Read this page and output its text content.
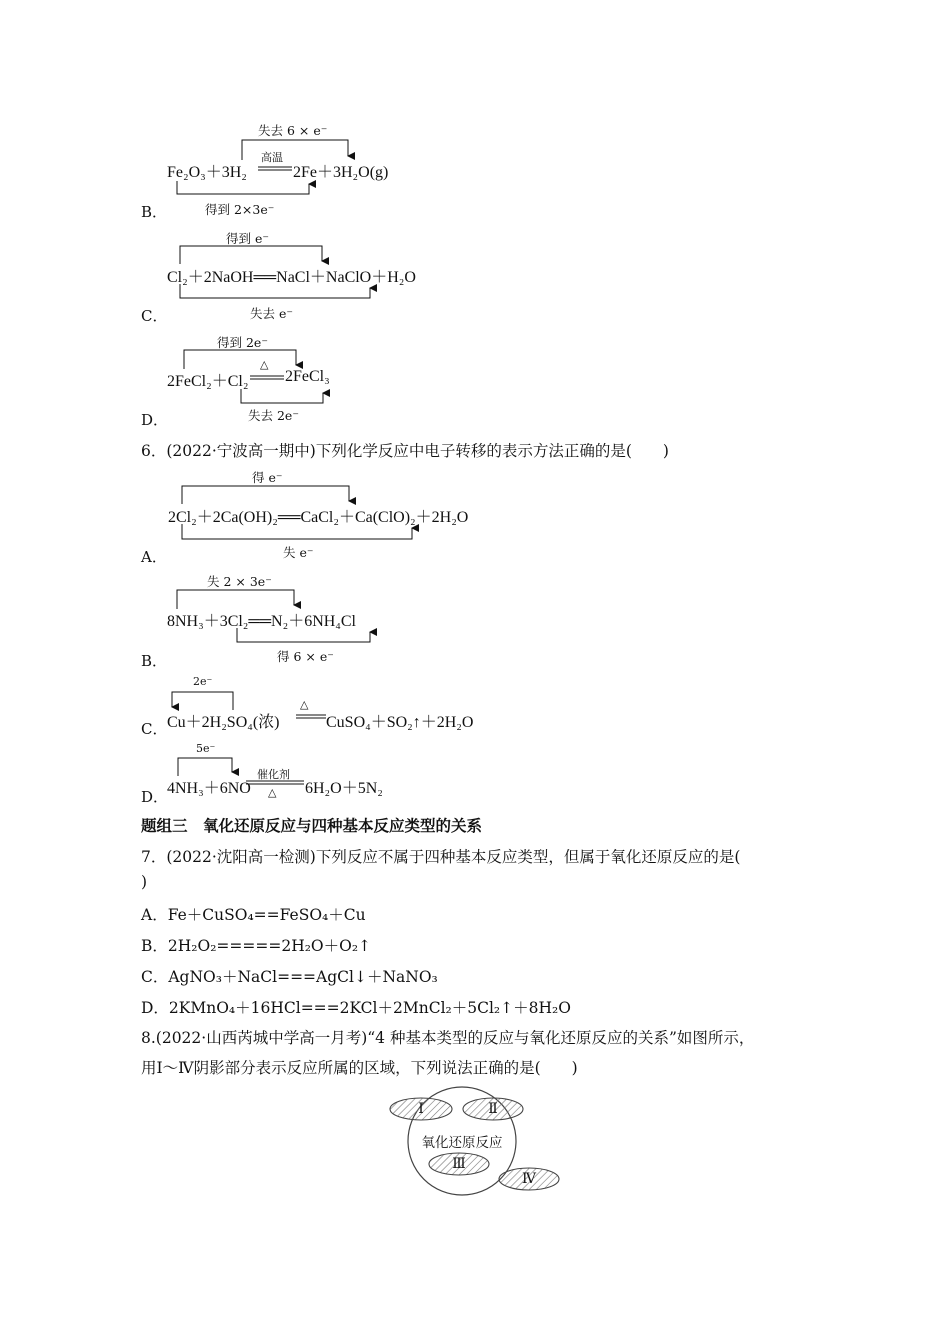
失去 6 × e⁻
高温
Fe₂O₃＋3H₂	2Fe＋3H₂O(g)
B．	得到 2×3e⁻
得到 e⁻
Cl₂＋2NaOH══NaCl＋NaClO＋H₂O
失去 e⁻
C．
得到 2e⁻
△
2FeCl₂＋Cl₂ 2FeCl₃
失去 2e⁻
D．
6．(2022·宁波高一期中)下列化学反应中电子转移的表示方法正确的是(　　)
得 e⁻
2Cl₂＋2Ca(OH)₂══CaCl₂＋Ca(ClO)₂＋2H₂O
A．	失 e⁻
失 2 × 3e⁻
8NH₃＋3Cl₂══N₂＋6NH₄Cl
得 6 × e⁻
B．
2e⁻
△
Cu＋2H₂SO₄(浓)	CuSO₄＋SO₂↑＋2H₂O
C．
5e⁻
催化剂
△
4NH₃＋6NO	6H₂O＋5N₂
D．
题组三　氧化还原反应与四种基本反应类型的关系
7．(2022·沈阳高一检测)下列反应不属于四种基本反应类型，但属于氧化还原反应的是(
)
A．Fe＋CuSO₄==FeSO₄＋Cu
B．2H₂O₂=====2H₂O＋O₂↑
C．AgNO₃＋NaCl===AgCl↓＋NaNO₃
D．2KMnO₄＋16HCl===2KCl＋2MnCl₂＋5Cl₂↑＋8H₂O
8.(2022·山西芮城中学高一月考)“4 种基本类型的反应与氧化还原反应的关系”如图所示，
用Ⅰ～Ⅳ阴影部分表示反应所属的区域，下列说法正确的是(　　)
Ⅰ	Ⅱ
氧化还原反应
Ⅲ
Ⅳ
